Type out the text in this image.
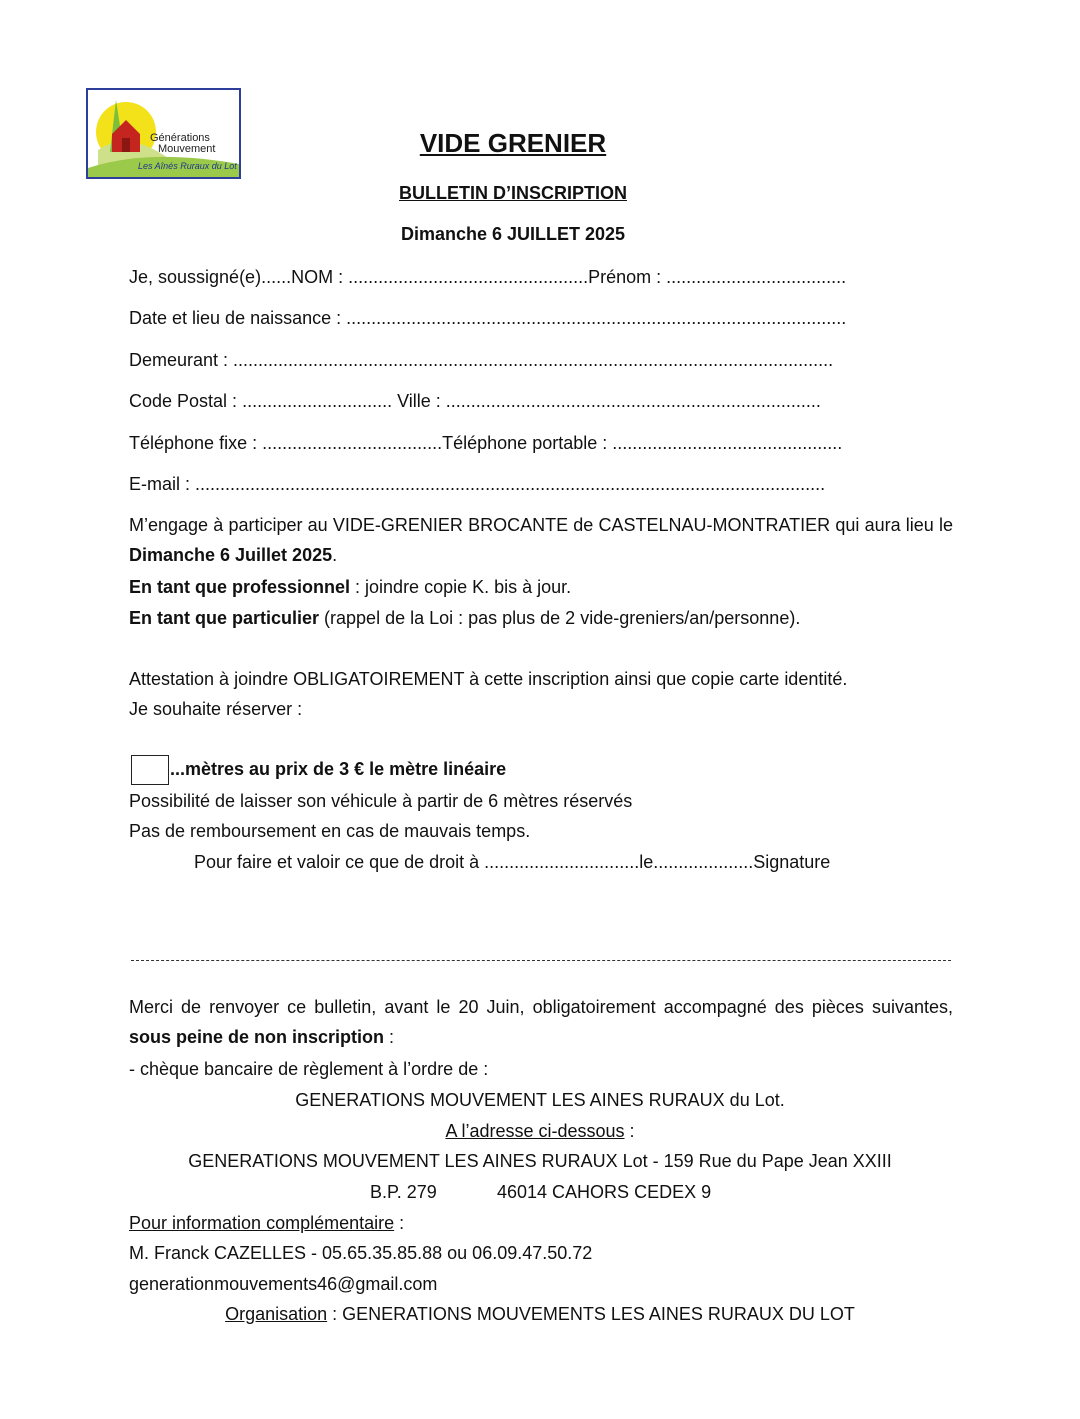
Générations
Mouvement
Les Aînés Ruraux du Lot
VIDE GRENIER
BULLETIN D’INSCRIPTION
Dimanche 6 JUILLET 2025
Je, soussigné(e)......NOM : ................................................Prénom : ....................................
Date et lieu de naissance : ....................................................................................................
Demeurant : ........................................................................................................................
Code Postal : .............................. Ville : ...........................................................................
Téléphone fixe : ....................................Téléphone portable : ..............................................
E-mail : ..............................................................................................................................
M’engage à participer au VIDE-GRENIER BROCANTE de CASTELNAU-MONTRATIER qui aura lieu le Dimanche 6 Juillet 2025.
En tant que professionnel : joindre copie K. bis à jour.
En tant que particulier (rappel de la Loi : pas plus de 2 vide-greniers/an/personne).
Attestation à joindre OBLIGATOIREMENT à cette inscription ainsi que copie carte identité.
Je souhaite réserver :
...mètres au prix de 3 € le mètre linéaire
Possibilité de laisser son véhicule à partir de 6 mètres réservés
Pas de remboursement en cas de mauvais temps.
Pour faire et valoir ce que de droit à ...............................le....................Signature
Merci de renvoyer ce bulletin, avant le 20 Juin, obligatoirement accompagné des pièces suivantes, sous peine de non inscription :
- chèque bancaire de règlement à l’ordre de :
GENERATIONS MOUVEMENT LES AINES RURAUX du Lot.
A l’adresse ci-dessous :
GENERATIONS MOUVEMENT LES AINES RURAUX Lot - 159 Rue du Pape Jean XXIII
B.P. 279	46014 CAHORS CEDEX 9
Pour information complémentaire :
M. Franck CAZELLES - 05.65.35.85.88 ou 06.09.47.50.72
generationmouvements46@gmail.com
Organisation : GENERATIONS MOUVEMENTS LES AINES RURAUX DU LOT
